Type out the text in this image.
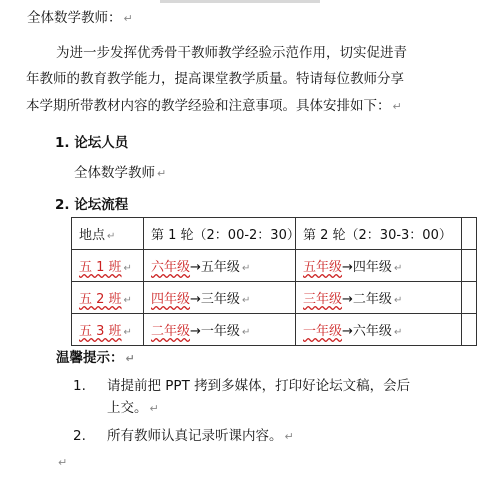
全体数学教师： ↵
为进一步发挥优秀骨干教师教学经验示范作用，切实促进青
年教师的教育教学能力，提高课堂教学质量。特请每位教师分享
本学期所带教材内容的教学经验和注意事项。具体安排如下： ↵
1. 论坛人员
全体数学教师 ↵
2. 论坛流程
地点 ↵	第 1 轮（2：00-2：30）	第 2 轮（2：30-3：00）	
五 1 班 ↵	六年级→五年级 ↵	五年级→四年级 ↵	
五 2 班 ↵	四年级→三年级 ↵	三年级→二年级 ↵	
五 3 班 ↵	二年级→一年级 ↵	一年级→六年级 ↵	
温馨提示： ↵
1. 请提前把 PPT 拷到多媒体，打印好论坛文稿，会后
上交。 ↵
2. 所有教师认真记录听课内容。 ↵
↵
